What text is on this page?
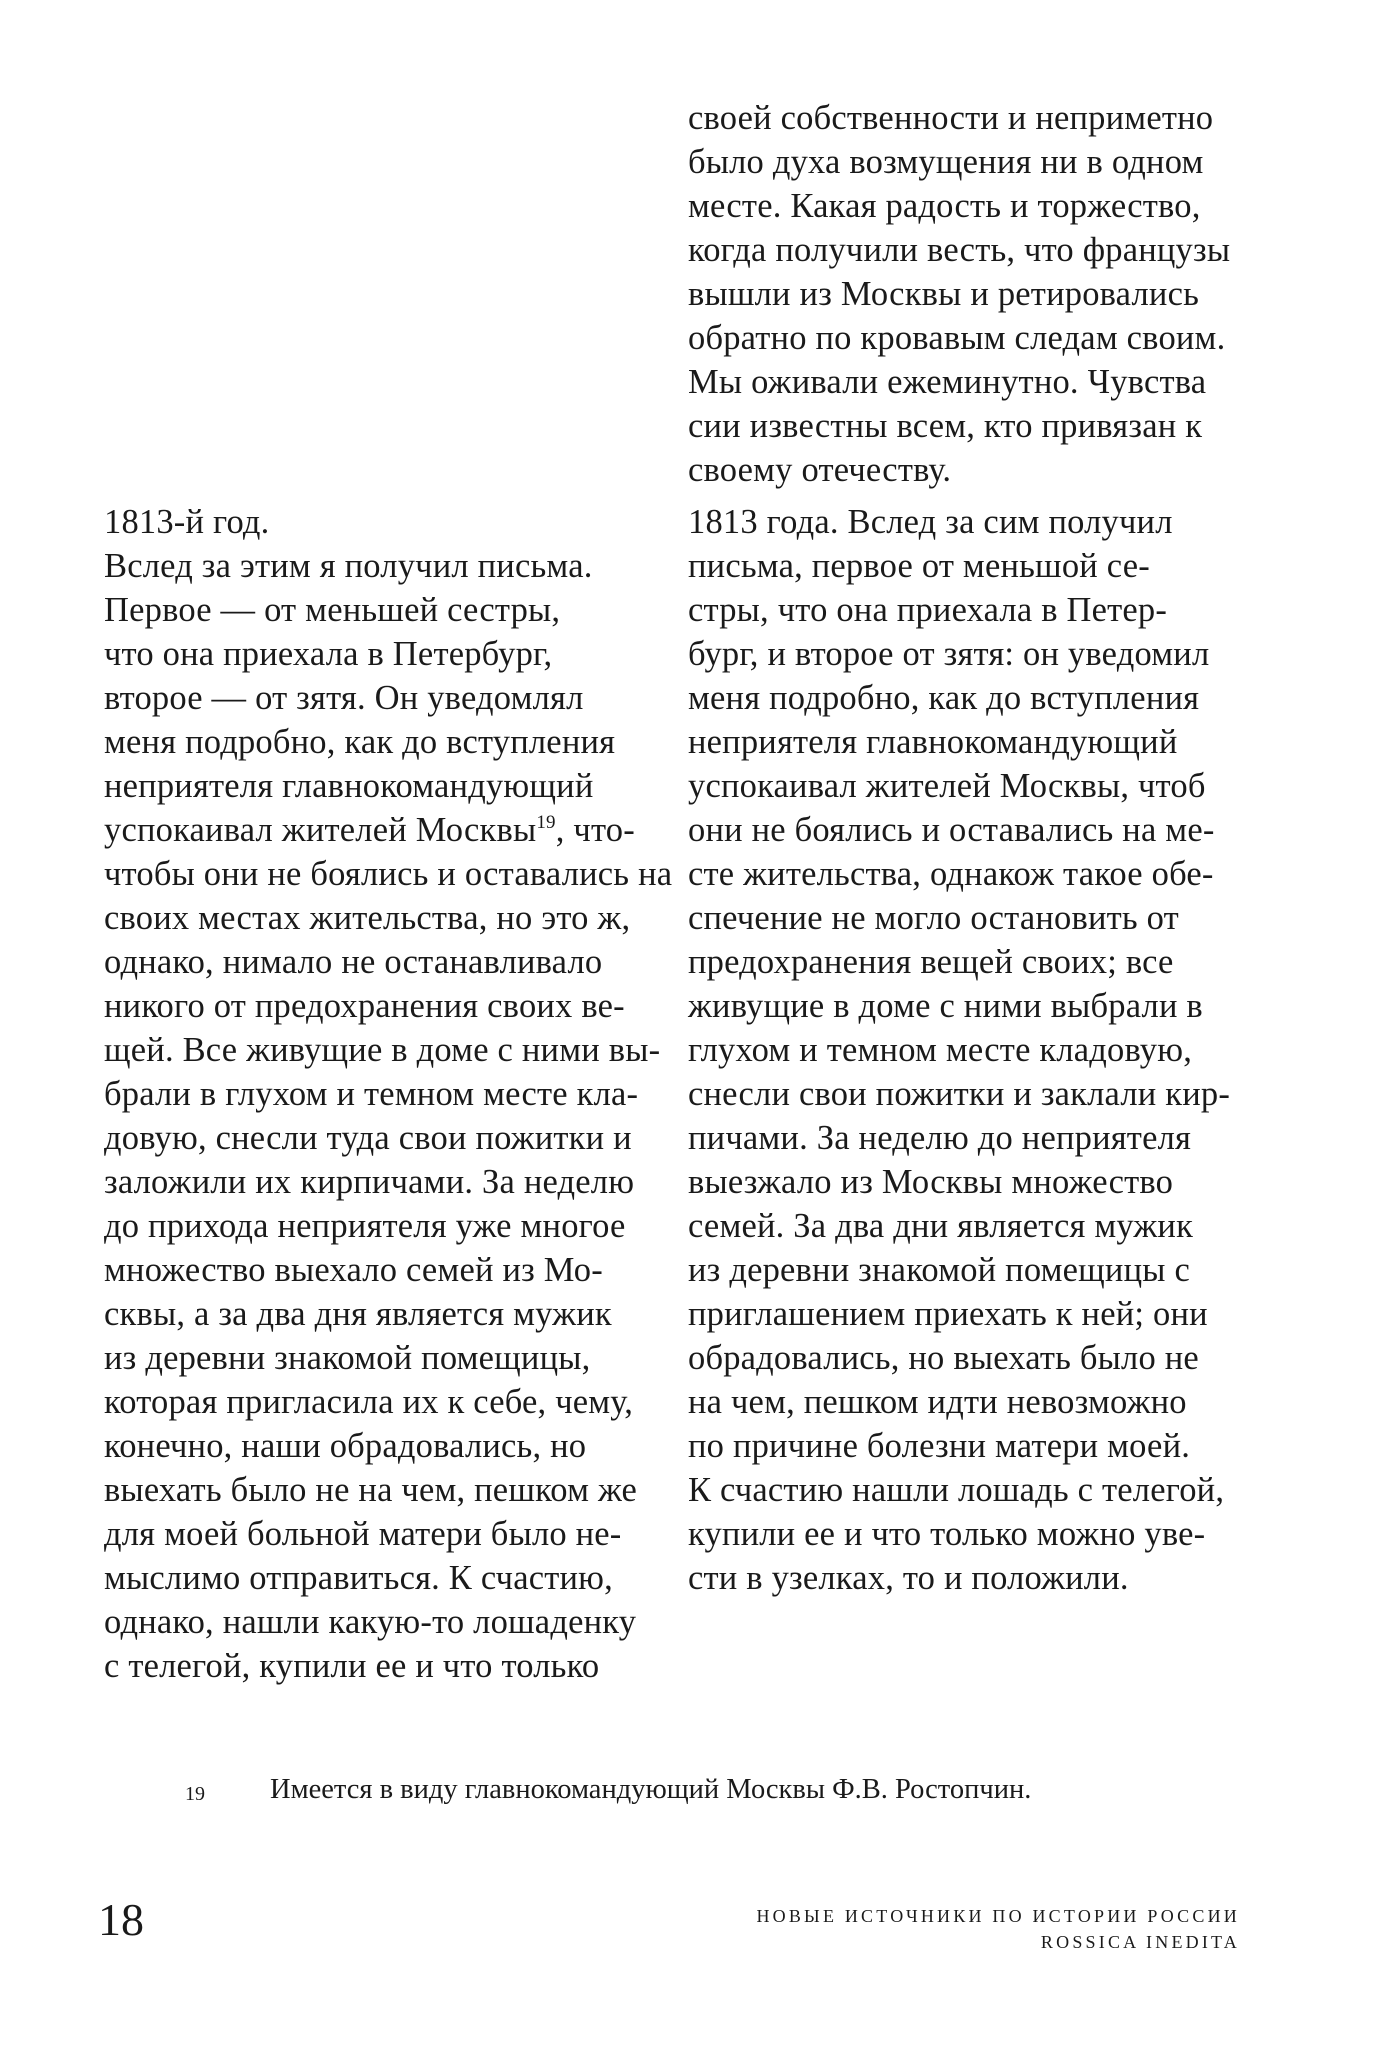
1813-й год.
Вслед за этим я получил письма.
Первое — от меньшей сестры,
что она приехала в Петербург,
второе — от зятя. Он уведомлял
меня подробно, как до вступления
неприятеля главнокомандующий
успокаивал жителей Москвы$^{19}$, что-
чтобы они не боялись и оставались на
своих местах жительства, но это ж,
однако, нимало не останавливало
никого от предохранения своих ве-
щей. Все живущие в доме с ними вы-
брали в глухом и темном месте кла-
довую, снесли туда свои пожитки и
заложили их кирпичами. За неделю
до прихода неприятеля уже многое
множество выехало семей из Мо-
сквы, а за два дня является мужик
из деревни знакомой помещицы,
которая пригласила их к себе, чему,
конечно, наши обрадовались, но
выехать было не на чем, пешком же
для моей больной матери было не-
мыслимо отправиться. К счастию,
однако, нашли какую-то лошаденку
с телегой, купили ее и что только
своей собственности и неприметно
было духа возмущения ни в одном
месте. Какая радость и торжество,
когда получили весть, что французы
вышли из Москвы и ретировались
обратно по кровавым следам своим.
Мы оживали ежеминутно. Чувства
сии известны всем, кто привязан к
своему отечеству.
1813 года. Вслед за сим получил
письма, первое от меньшой се-
стры, что она приехала в Петер-
бург, и второе от зятя: он уведомил
меня подробно, как до вступления
неприятеля главнокомандующий
успокаивал жителей Москвы, чтоб
они не боялись и оставались на ме-
сте жительства, однакож такое обе-
спечение не могло остановить от
предохранения вещей своих; все
живущие в доме с ними выбрали в
глухом и темном месте кладовую,
снесли свои пожитки и заклали кир-
пичами. За неделю до неприятеля
выезжало из Москвы множество
семей. За два дни является мужик
из деревни знакомой помещицы с
приглашением приехать к ней; они
обрадовались, но выехать было не
на чем, пешком идти невозможно
по причине болезни матери моей.
К счастию нашли лошадь с телегой,
купили ее и что только можно уве-
сти в узелках, то и положили.
19 Имеется в виду главнокомандующий Москвы Ф.В. Ростопчин.
18	НОВЫЕ ИСТОЧНИКИ ПО ИСТОРИИ РОССИИ
ROSSICA INEDITA
